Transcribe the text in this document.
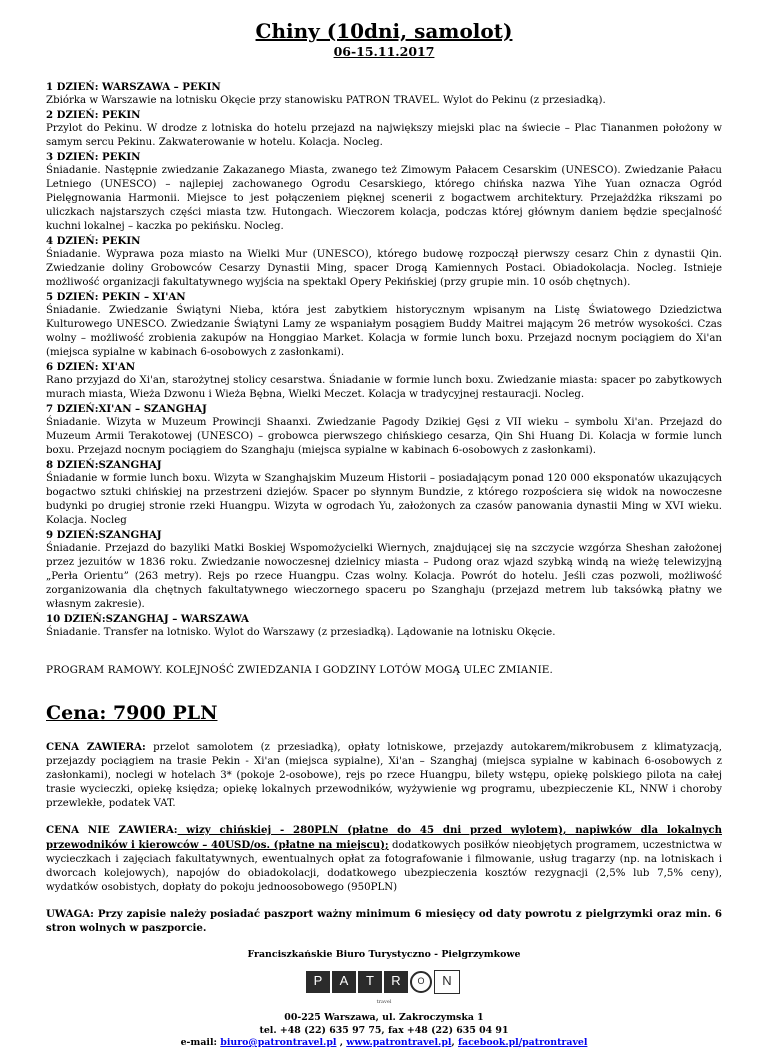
Chiny (10dni, samolot)
06-15.11.2017
1 DZIEŃ: WARSZAWA – PEKIN

Zbiórka w Warszawie na lotnisku Okęcie przy stanowisku PATRON TRAVEL. Wylot do Pekinu (z przesiadką).

2 DZIEŃ: PEKIN

Przylot do Pekinu. W drodze z lotniska do hotelu przejazd na największy miejski plac na świecie – Plac Tiananmen położony w samym sercu Pekinu. Zakwaterowanie w hotelu. Kolacja. Nocleg.

3 DZIEŃ: PEKIN

Śniadanie. Następnie zwiedzanie Zakazanego Miasta, zwanego też Zimowym Pałacem Cesarskim (UNESCO). Zwiedzanie Pałacu Letniego (UNESCO) – najlepiej zachowanego Ogrodu Cesarskiego, którego chińska nazwa Yihe Yuan oznacza Ogród Pielęgnowania Harmonii. Miejsce to jest połączeniem pięknej scenerii z bogactwem architektury. Przejażdżka rikszami po uliczkach najstarszych części miasta tzw. Hutongach. Wieczorem kolacja, podczas której głównym daniem będzie specjalność kuchni lokalnej – kaczka po pekińsku. Nocleg.

4 DZIEŃ: PEKIN

Śniadanie. Wyprawa poza miasto na Wielki Mur (UNESCO), którego budowę rozpoczął pierwszy cesarz Chin z dynastii Qin. Zwiedzanie doliny Grobowców Cesarzy Dynastii Ming, spacer Drogą Kamiennych Postaci. Obiadokolacja. Nocleg. Istnieje możliwość organizacji fakultatywnego wyjścia na spektakl Opery Pekińskiej (przy grupie min. 10 osób chętnych).

5 DZIEŃ: PEKIN – XI'AN

Śniadanie. Zwiedzanie Świątyni Nieba, która jest zabytkiem historycznym wpisanym na Listę Światowego Dziedzictwa Kulturowego UNESCO. Zwiedzanie Świątyni Lamy ze wspaniałym posągiem Buddy Maitrei mającym 26 metrów wysokości. Czas wolny – możliwość zrobienia zakupów na Honggiao Market. Kolacja w formie lunch boxu. Przejazd nocnym pociągiem do Xi'an (miejsca sypialne w kabinach 6-osobowych z zasłonkami).

6 DZIEŃ: XI'AN

Rano przyjazd do Xi'an, starożytnej stolicy cesarstwa. Śniadanie w formie lunch boxu. Zwiedzanie miasta: spacer po zabytkowych murach miasta, Wieża Dzwonu i Wieża Bębna, Wielki Meczet. Kolacja w tradycyjnej restauracji. Nocleg.

7 DZIEŃ:XI'AN – SZANGHAJ

Śniadanie. Wizyta w Muzeum Prowincji Shaanxi. Zwiedzanie Pagody Dzikiej Gęsi z VII wieku – symbolu Xi'an. Przejazd do Muzeum Armii Terakotowej (UNESCO) – grobowca pierwszego chińskiego cesarza, Qin Shi Huang Di. Kolacja w formie lunch boxu. Przejazd nocnym pociągiem do Szanghaju (miejsca sypialne w kabinach 6-osobowych z zasłonkami).

8 DZIEŃ:SZANGHAJ

Śniadanie w formie lunch boxu. Wizyta w Szanghajskim Muzeum Historii – posiadającym ponad 120 000 eksponatów ukazujących bogactwo sztuki chińskiej na przestrzeni dziejów. Spacer po słynnym Bundzie, z którego rozpościera się widok na nowoczesne budynki po drugiej stronie rzeki Huangpu. Wizyta w ogrodach Yu, założonych za czasów panowania dynastii Ming w XVI wieku. Kolacja. Nocleg

9 DZIEŃ:SZANGHAJ

Śniadanie. Przejazd do bazyliki Matki Boskiej Wspomożycielki Wiernych, znajdującej się na szczycie wzgórza Sheshan założonej przez jezuitów w 1836 roku. Zwiedzanie nowoczesnej dzielnicy miasta – Pudong oraz wjazd szybką windą na wieżę telewizyjną „Perła Orientu” (263 metry). Rejs po rzece Huangpu. Czas wolny. Kolacja. Powrót do hotelu. Jeśli czas pozwoli, możliwość zorganizowania dla chętnych fakultatywnego wieczornego spaceru po Szanghaju (przejazd metrem lub taksówką płatny we własnym zakresie).

10 DZIEŃ:SZANGHAJ – WARSZAWA

Śniadanie. Transfer na lotnisko. Wylot do Warszawy (z przesiadką). Lądowanie na lotnisku Okęcie.

PROGRAM RAMOWY. KOLEJNOŚĆ ZWIEDZANIA I GODZINY LOTÓW MOGĄ ULEC ZMIANIE.
Cena: 7900 PLN

CENA ZAWIERA: przelot samolotem (z przesiadką), opłaty lotniskowe, przejazdy autokarem/mikrobusem z klimatyzacją, przejazdy pociągiem na trasie Pekin - Xi'an (miejsca sypialne), Xi'an – Szanghaj (miejsca sypialne w kabinach 6-osobowych z zasłonkami), noclegi w hotelach 3* (pokoje 2-osobowe), rejs po rzece Huangpu, bilety wstępu, opiekę polskiego pilota na całej trasie wycieczki, opiekę księdza; opiekę lokalnych przewodników, wyżywienie wg programu, ubezpieczenie KL, NNW i choroby przewlekłe, podatek VAT.

CENA NIE ZAWIERA: wizy chińskiej - 280PLN (płatne do 45 dni przed wylotem), napiwków dla lokalnych przewodników i kierowców – 40USD/os. (płatne na miejscu); dodatkowych posiłków nieobjętych programem, uczestnictwa w wycieczkach i zajęciach fakultatywnych, ewentualnych opłat za fotografowanie i filmowanie, usług tragarzy (np. na lotniskach i dworcach kolejowych), napojów do obiadokolacji, dodatkowego ubezpieczenia kosztów rezygnacji (2,5% lub 7,5% ceny), wydatków osobistych, dopłaty do pokoju jednoosobowego (950PLN)

UWAGA: Przy zapisie należy posiadać paszport ważny minimum 6 miesięcy od daty powrotu z pielgrzymki oraz min. 6 stron wolnych w paszporcie.

Franciszkańskie Biuro Turystyczno - Pielgrzymkowe
P	A	T	R	O	N
travel
00-225 Warszawa, ul. Zakroczymska 1
tel. +48 (22) 635 97 75, fax +48 (22) 635 04 91
e-mail: biuro@patrontravel.pl , www.patrontravel.pl, facebook.pl/patrontravel
